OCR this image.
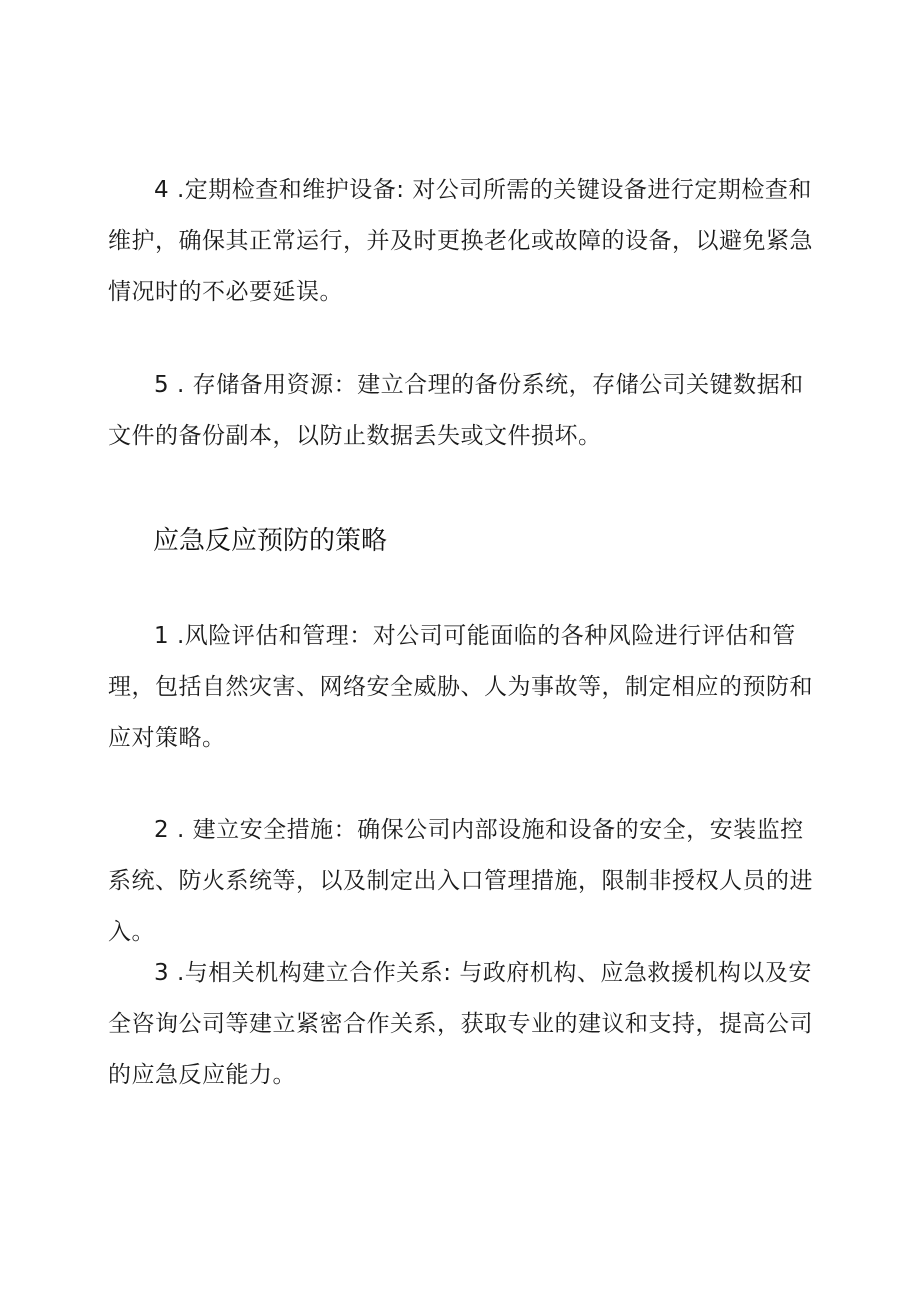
4 .定期检查和维护设备: 对公司所需的关键设备进行定期检查和维护，确保其正常运行，并及时更换老化或故障的设备，以避免紧急情况时的不必要延误。

5 . 存储备用资源：建立合理的备份系统，存储公司关键数据和文件的备份副本，以防止数据丢失或文件损坏。

应急反应预防的策略

1 .风险评估和管理：对公司可能面临的各种风险进行评估和管理，包括自然灾害、网络安全威胁、人为事故等，制定相应的预防和应对策略。

2 . 建立安全措施：确保公司内部设施和设备的安全，安装监控系统、防火系统等，以及制定出入口管理措施，限制非授权人员的进入。

3 .与相关机构建立合作关系: 与政府机构、应急救援机构以及安全咨询公司等建立紧密合作关系，获取专业的建议和支持，提高公司的应急反应能力。
